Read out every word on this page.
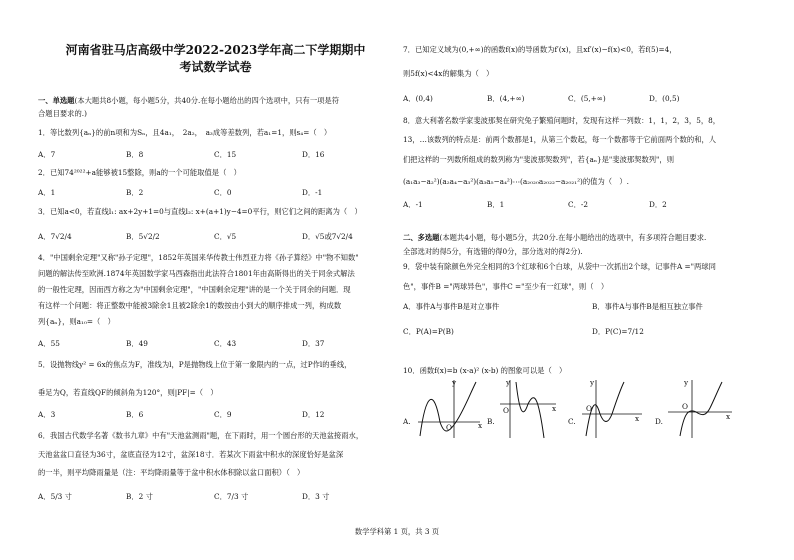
河南省驻马店高级中学2022-2023学年高二下学期期中
考试数学试卷
一、单选题(本大题共8小题，每小题5分，共40分.在每小题给出的四个选项中，只有一项是符
合题目要求的.)
1．等比数列{aₙ}的前n项和为Sₙ，且4a₁，　2a₂，　a₃成等差数列，若a₁=1，则s₄=（　）
A．7	B．8	C．15	D．16
2．已知74²⁰²²+a能够被15整除，则a的一个可能取值是（　）
A．1	B．2	C．0	D．-1
3．已知a<0，若直线l₁: ax+2y+1=0与直线l₂: x+(a+1)y−4=0平行，则它们之间的距离为（　）
A．7√2/4	B．5√2/2	C．√5	D．√5或7√2/4
4．"中国剩余定理"又称"孙子定理"，1852年英国来华传教士伟烈亚力将《孙子算经》中"物不知数"
问题的解法传至欧洲.1874年英国数学家马西森指出此法符合1801年由高斯得出的关于同余式解法
的一般性定理，因而西方称之为"中国剩余定理"，"中国剩余定理"讲的是一个关于同余的问题．现
有这样一个问题：将正整数中能被3除余1且被2除余1的数按由小到大的顺序排成一列，构成数
列{aₙ}，则a₁₀=（　）
A．55	B．49	C．43	D．37
5．设抛物线y² = 6x的焦点为F，准线为l，P是抛物线上位于第一象限内的一点，过P作l的垂线，
垂足为Q，若直线QF的倾斜角为120°，则|PF|=（　）
A．3	B．6	C．9	D．12
6．我国古代数学名著《数书九章》中有"天池盆测雨"题，在下雨时，用一个圆台形的天池盆接雨水，
天池盆盆口直径为36寸，盆底直径为12寸，盆深18寸．若某次下雨盆中积水的深度恰好是盆深
的一半，则平均降雨量是（注：平均降雨量等于盆中积水体积除以盆口面积）（　）
A．5/3 寸	B．2 寸	C．7/3 寸	D．3 寸
7．已知定义域为(0,+∞)的函数f(x)的导函数为f′(x)，且xf′(x)−f(x)<0，若f(5)=4，
则5f(x)<4x的解集为（　）
A．(0,4)	B．(4,+∞)	C．(5,+∞)	D．(0,5)
8．意大利著名数学家斐波那契在研究兔子繁殖问题时，发现有这样一列数：1，1，2，3，5，8，
13，…该数列的特点是：前两个数都是1，从第三个数起，每一个数都等于它前面两个数的和，人
们把这样的一列数所组成的数列称为"斐波那契数列"，若{aₙ}是"斐波那契数列"，则
(a₁a₃−a₂²)(a₂a₄−a₃²)(a₃a₅−a₄²)⋯(a₂₀₂₀a₂₀₂₂−a₂₀₂₁²)的值为（　）.
A．-1	B．1	C．-2	D．2
二、多选题(本题共4小题，每小题5分，共20分.在每小题给出的选项中，有多项符合题目要求.
全部选对的得5分，有选错的得0分，部分选对的得2分).
9．袋中装有除颜色外完全相同的3个红球和6个白球，从袋中一次抓出2个球，记事件A ="两球同
色"，事件B ="两球异色"，事件C ="至少有一红球"，则（　）
A．事件A与事件B是对立事件	B．事件A与事件B是相互独立事件
C．P(A)=P(B)	D．P(C)=7/12
10．函数f(x)=b (x-a)² (x-b) 的图象可以是（　）
A.
y
x
O
B.
y
x
O
C.
y
x
O
D.
y
x
O
数学学科第 1 页，共 3 页
